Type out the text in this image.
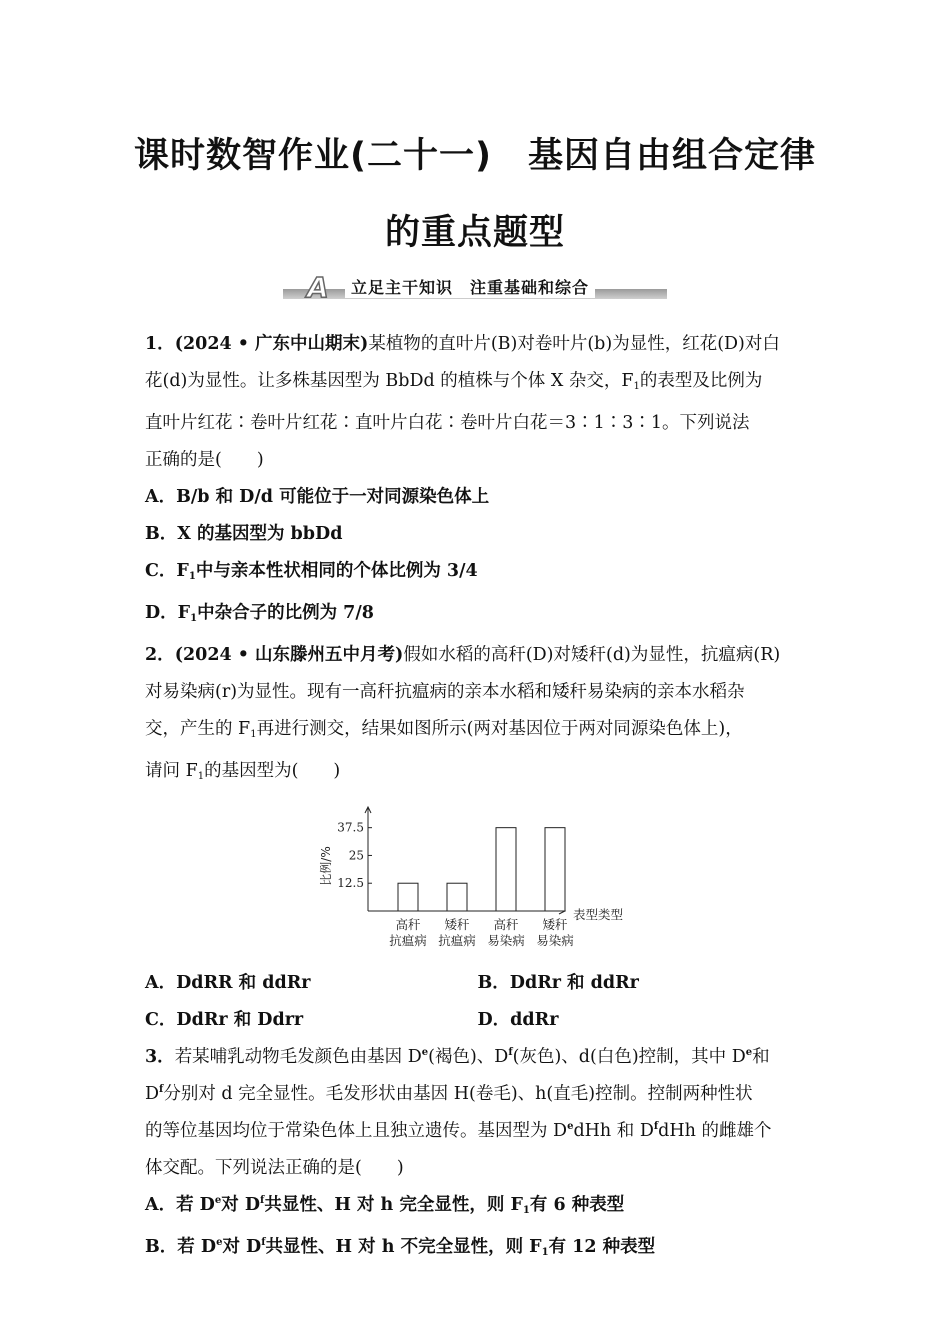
课时数智作业(二十一)　基因自由组合定律
的重点题型
A	立足主干知识　注重基础和综合
1．(2024 • 广东中山期末)某植物的直叶片(B)对卷叶片(b)为显性，红花(D)对白
花(d)为显性。让多株基因型为 BbDd 的植株与个体 X 杂交，$F_1$的表型及比例为
直叶片红花∶卷叶片红花∶直叶片白花∶卷叶片白花＝3∶1∶3∶1。下列说法
正确的是(　　)
A．B/b 和 D/d 可能位于一对同源染色体上
B．X 的基因型为 bbDd
C．$F_1$中与亲本性状相同的个体比例为 3/4
D．$F_1$中杂合子的比例为 7/8
2．(2024 • 山东滕州五中月考)假如水稻的高秆(D)对矮秆(d)为显性，抗瘟病(R)
对易染病(r)为显性。现有一高秆抗瘟病的亲本水稻和矮秆易染病的亲本水稻杂
交，产生的 $F_1$再进行测交，结果如图所示(两对基因位于两对同源染色体上)，
请问 $F_1$的基因型为(　　)
12.5
25
37.5
比例/%
表型类型
高秆
抗瘟病
矮秆
抗瘟病
高秆
易染病
矮秆
易染病
A．DdRR 和 ddRr	B．DdRr 和 ddRr
C．DdRr 和 Ddrr	D．ddRr
3．若某哺乳动物毛发颜色由基因 De(褐色)、$D^f$(灰色)、d(白色)控制，其中 De和
$D^f$分别对 d 完全显性。毛发形状由基因 H(卷毛)、h(直毛)控制。控制两种性状
的等位基因均位于常染色体上且独立遗传。基因型为 DedHh 和 $D^fdHh$ 的雌雄个
体交配。下列说法正确的是(　　)
A．若 De对 $D^f$共显性、H 对 h 完全显性，则 $F_1$有 6 种表型
B．若 De对 $D^f$共显性、H 对 h 不完全显性，则 $F_1$有 12 种表型
